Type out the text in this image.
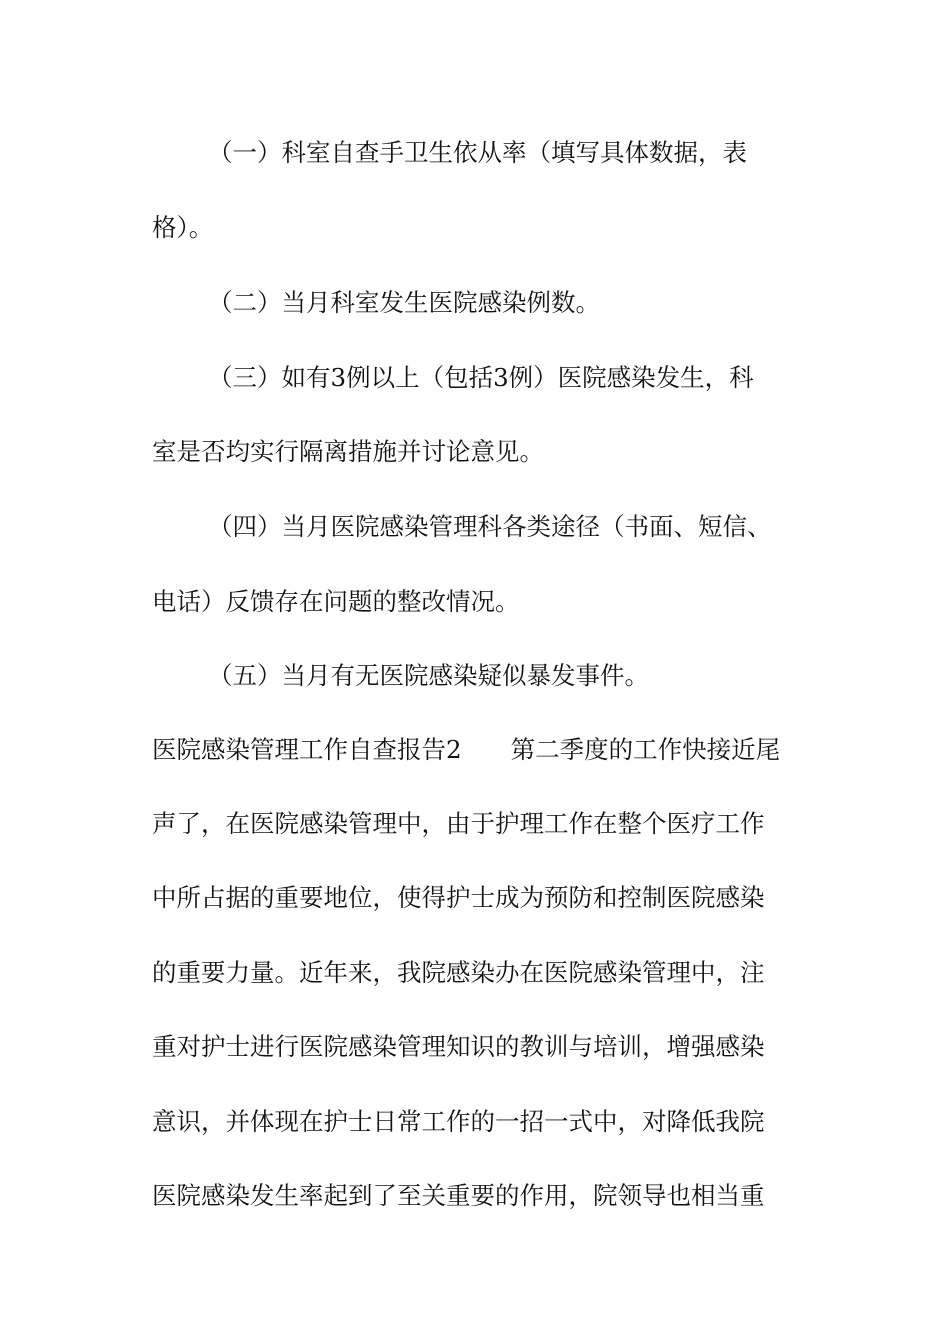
（一）科室自查手卫生依从率（填写具体数据，表
格）。
（二）当月科室发生医院感染例数。
（三）如有3例以上（包括3例）医院感染发生，科
室是否均实行隔离措施并讨论意见。
（四）当月医院感染管理科各类途径（书面、短信、
电话）反馈存在问题的整改情况。
（五）当月有无医院感染疑似暴发事件。
医院感染管理工作自查报告2　　第二季度的工作快接近尾
声了，在医院感染管理中，由于护理工作在整个医疗工作
中所占据的重要地位，使得护士成为预防和控制医院感染
的重要力量。近年来，我院感染办在医院感染管理中，注
重对护士进行医院感染管理知识的教训与培训，增强感染
意识，并体现在护士日常工作的一招一式中，对降低我院
医院感染发生率起到了至关重要的作用，院领导也相当重
